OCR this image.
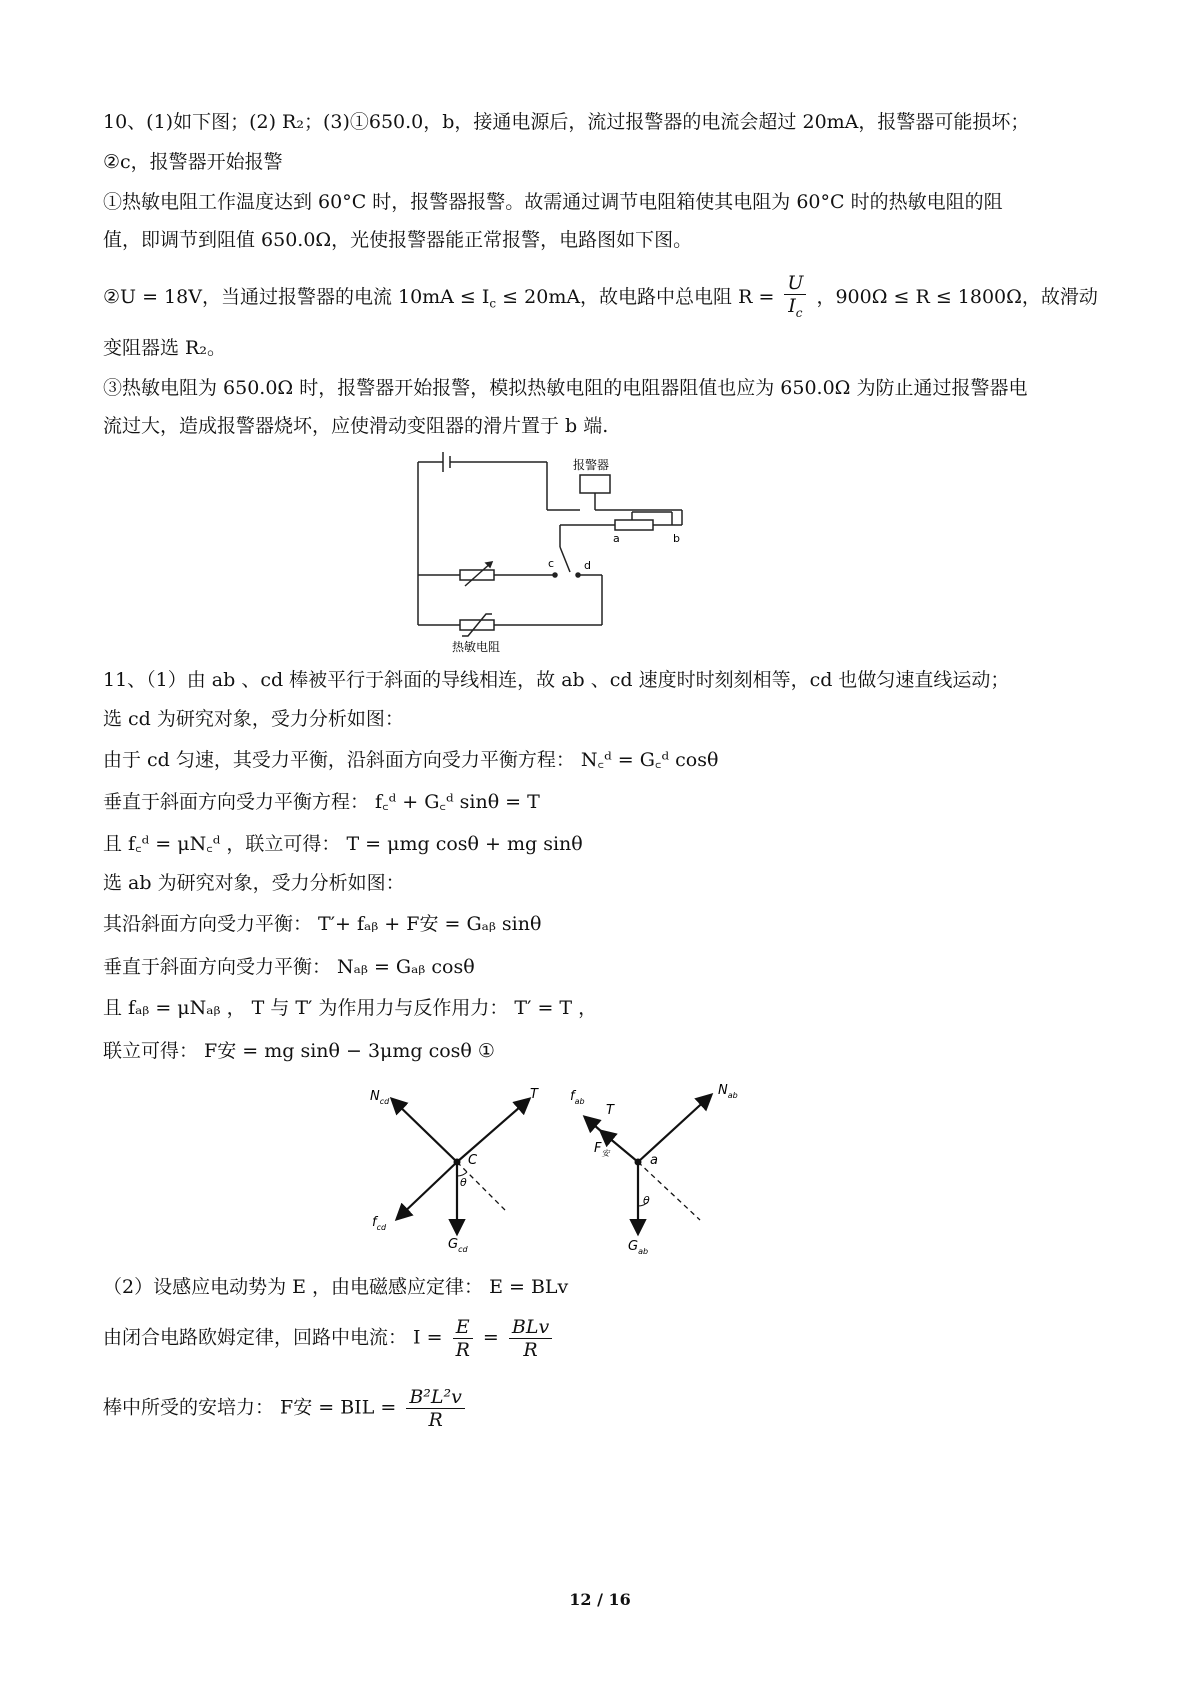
10、(1)如下图；(2) R₂；(3)①650.0，b，接通电源后，流过报警器的电流会超过 20mA，报警器可能损坏；
②c，报警器开始报警
①热敏电阻工作温度达到 60°C 时，报警器报警。故需通过调节电阻箱使其电阻为 60°C 时的热敏电阻的阻
值，即调节到阻值 650.0Ω，光使报警器能正常报警，电路图如下图。
②U = 18V，当通过报警器的电流 $10mA \le I_c \le 20mA$，故电路中总电阻 $R = \frac{U}{I_c}$ ，900Ω ≤ R ≤ 1800Ω，故滑动
变阻器选 R₂。
③热敏电阻为 650.0Ω 时，报警器开始报警，模拟热敏电阻的电阻器阻值也应为 650.0Ω 为防止通过报警器电
流过大，造成报警器烧坏，应使滑动变阻器的滑片置于 b 端.
报警器
a	b
c	d
热敏电阻
11、（1）由 ab 、cd 棒被平行于斜面的导线相连，故 ab 、cd 速度时时刻刻相等，cd 也做匀速直线运动；
选 cd 为研究对象，受力分析如图：
由于 cd 匀速，其受力平衡，沿斜面方向受力平衡方程： N꜀ᵈ = G꜀ᵈ cosθ
垂直于斜面方向受力平衡方程： f꜀ᵈ + G꜀ᵈ sinθ = T
且 f꜀ᵈ = μN꜀ᵈ ，联立可得： T = μmg cosθ + mg sinθ
选 ab 为研究对象，受力分析如图：
其沿斜面方向受力平衡： T′+ fₐᵦ + F安 = Gₐᵦ sinθ
垂直于斜面方向受力平衡： Nₐᵦ = Gₐᵦ cosθ
且 fₐᵦ = μNₐᵦ ， T 与 T′ 为作用力与反作用力： T′ = T ，
联立可得： F安 = mg sinθ − 3μmg cosθ ①
$N_{cd}$	T
C
θ
$f_{cd}$
$G_{cd}$
$f_{ab}$
T
$N_{ab}$
$F_安$	a
θ
$G_{ab}$
（2）设感应电动势为 E ，由电磁感应定律： E = BLv
由闭合电路欧姆定律，回路中电流： $I = \frac{E}{R} = \frac{\text{BLv}}{R}$
棒中所受的安培力： F安 = BIL = $\frac{\text{B²L²v}}{R}$
12 / 16
